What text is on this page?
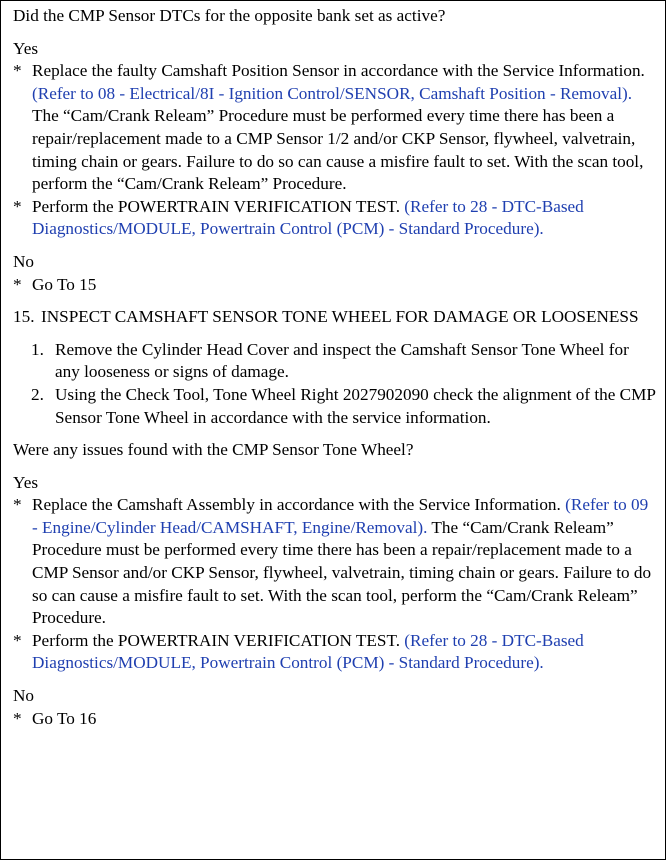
Did the CMP Sensor DTCs for the opposite bank set as active?

Yes

* Replace the faulty Camshaft Position Sensor in accordance with the Service Information. (Refer to 08 - Electrical/8I - Ignition Control/SENSOR, Camshaft Position - Removal). The “Cam/Crank Releam” Procedure must be performed every time there has been a repair/replacement made to a CMP Sensor 1/2 and/or CKP Sensor, flywheel, valvetrain, timing chain or gears. Failure to do so can cause a misfire fault to set. With the scan tool, perform the “Cam/Crank Releam” Procedure.
* Perform the POWERTRAIN VERIFICATION TEST. (Refer to 28 - DTC-Based Diagnostics/MODULE, Powertrain Control (PCM) - Standard Procedure).

No

* Go To 15
15. INSPECT CAMSHAFT SENSOR TONE WHEEL FOR DAMAGE OR LOOSENESS
1. Remove the Cylinder Head Cover and inspect the Camshaft Sensor Tone Wheel for any looseness or signs of damage.
2. Using the Check Tool, Tone Wheel Right 2027902090 check the alignment of the CMP Sensor Tone Wheel in accordance with the service information.

Were any issues found with the CMP Sensor Tone Wheel?

Yes

* Replace the Camshaft Assembly in accordance with the Service Information. (Refer to 09 - Engine/Cylinder Head/CAMSHAFT, Engine/Removal). The “Cam/Crank Releam” Procedure must be performed every time there has been a repair/replacement made to a CMP Sensor and/or CKP Sensor, flywheel, valvetrain, timing chain or gears. Failure to do so can cause a misfire fault to set. With the scan tool, perform the “Cam/Crank Releam” Procedure.
* Perform the POWERTRAIN VERIFICATION TEST. (Refer to 28 - DTC-Based Diagnostics/MODULE, Powertrain Control (PCM) - Standard Procedure).

No

* Go To 16
